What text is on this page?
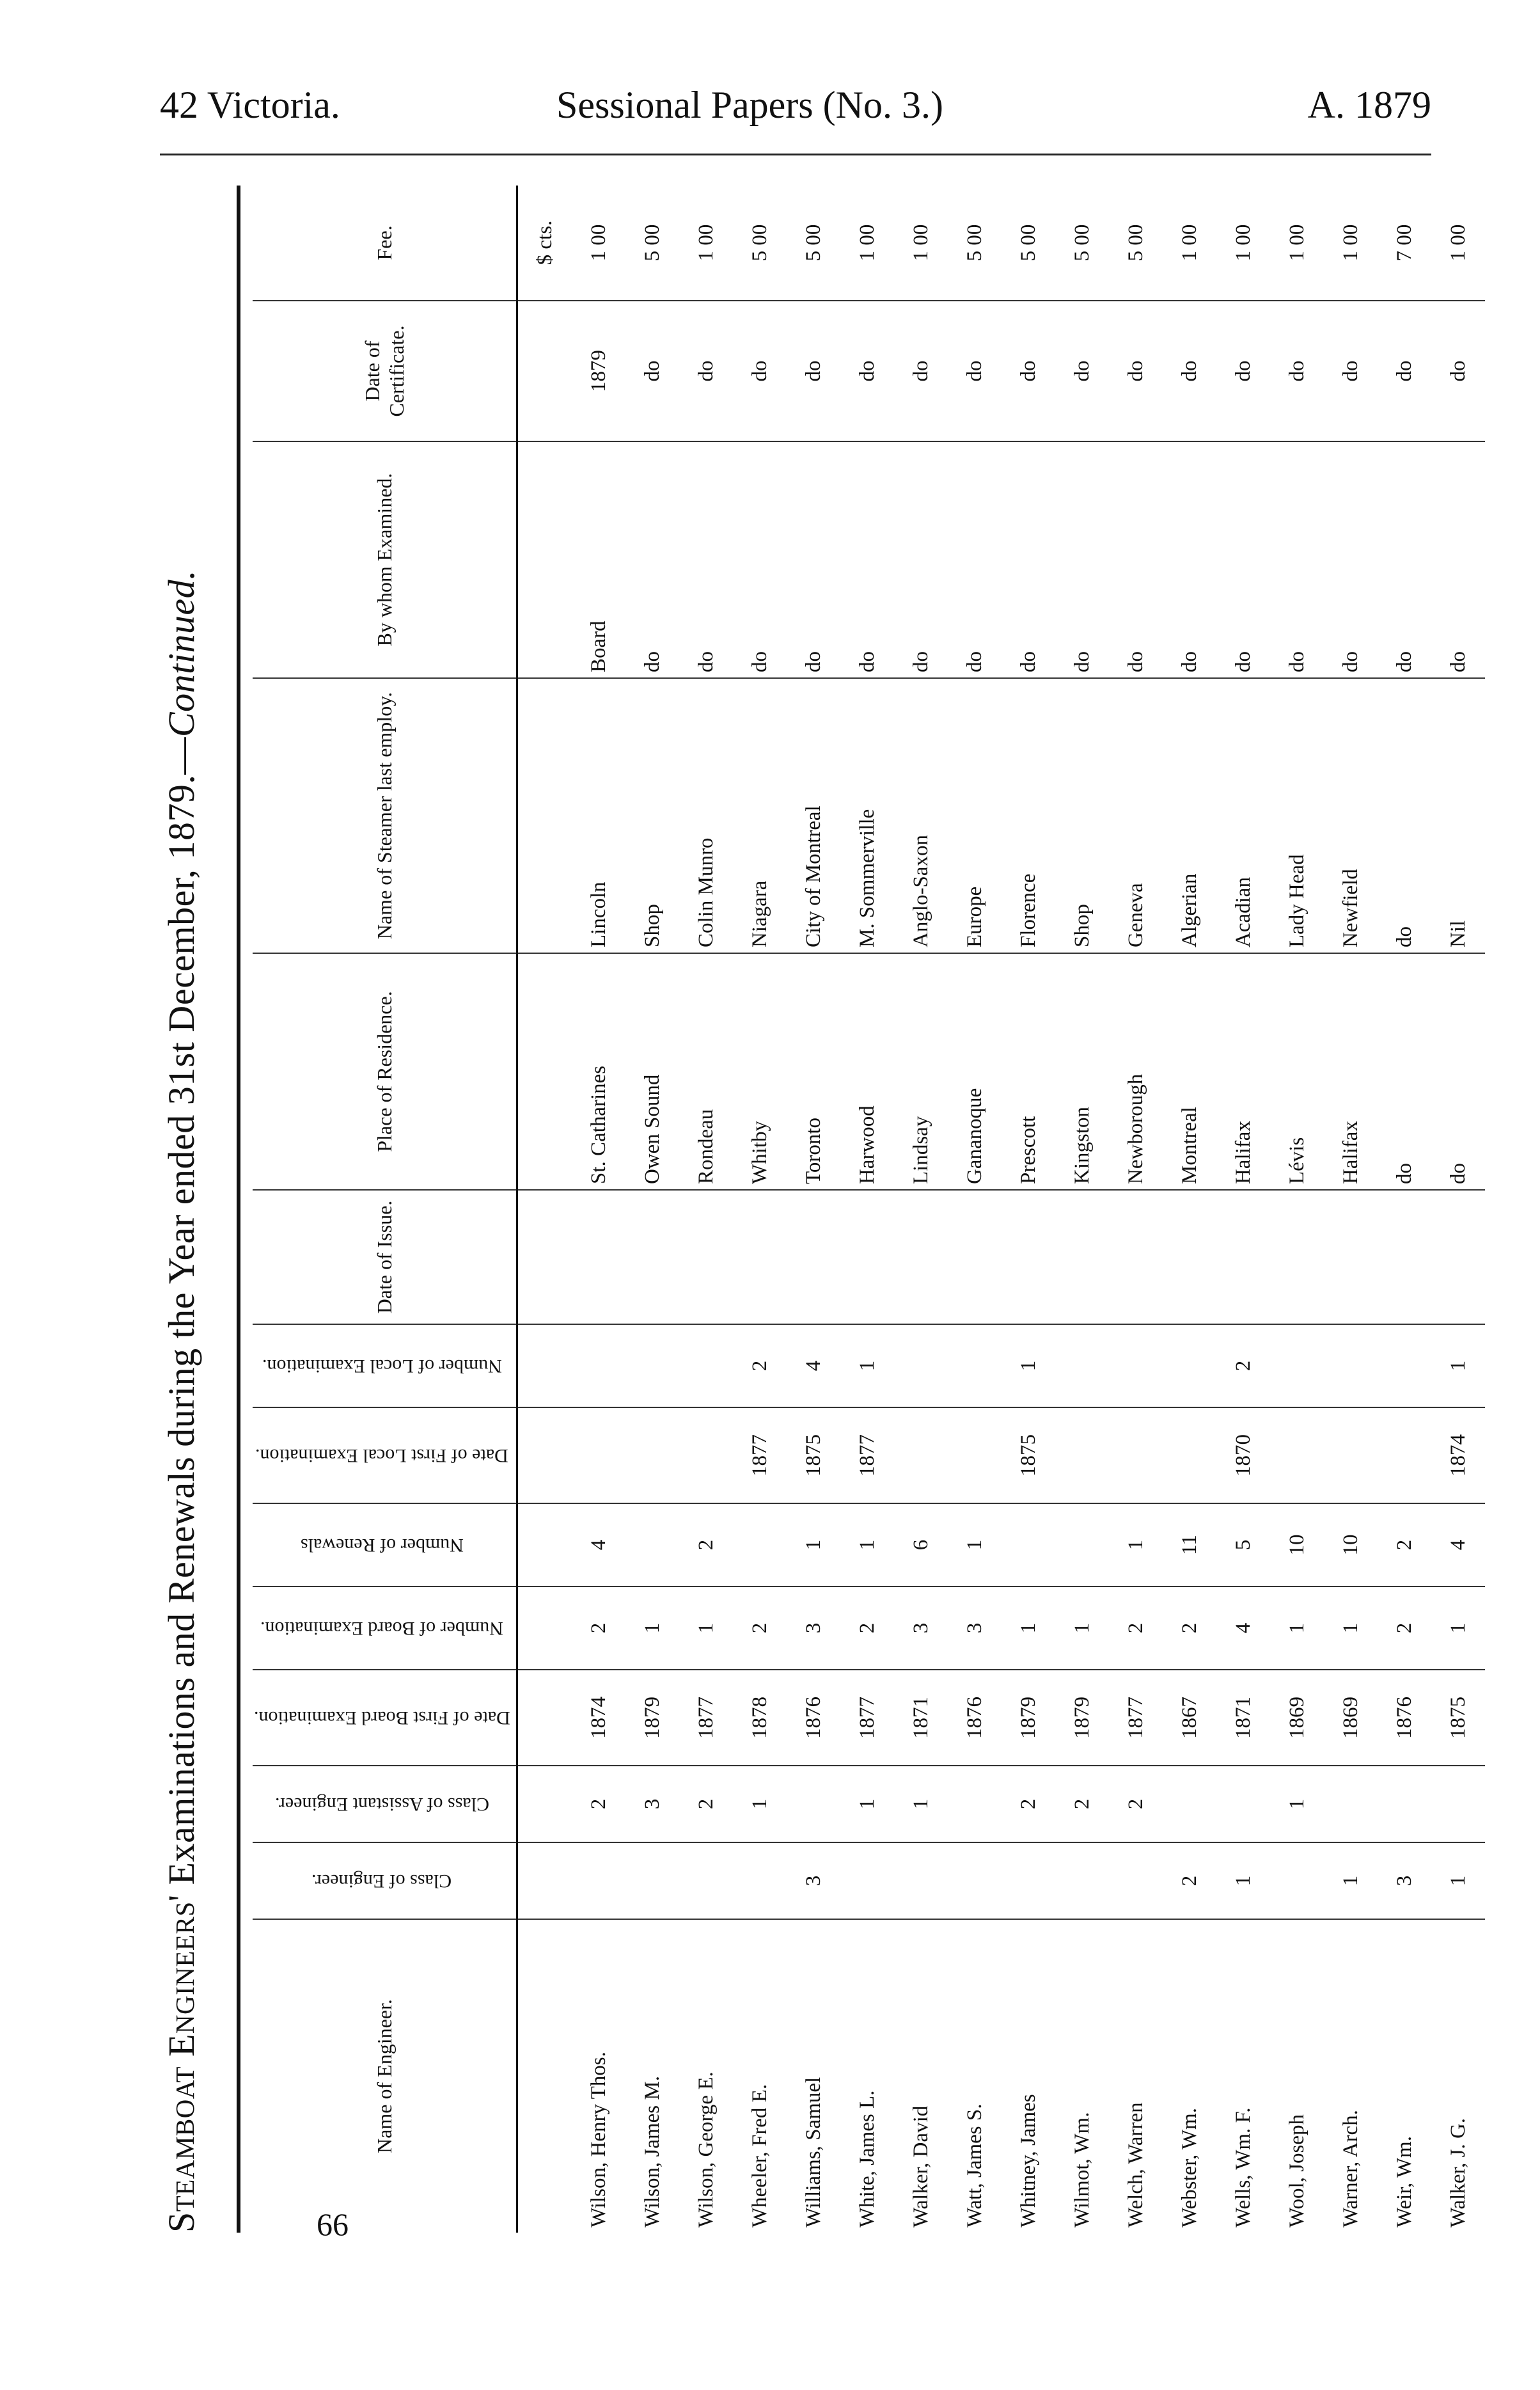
42 Victoria.	Sessional Papers (No. 3.)	A. 1879
Steamboat Engineers' Examinations and Renewals during the Year ended 31st December, 1879.—Continued.
Name of Engineer.	Class of Engineer.	Class of Assistant Engineer.	Date of First Board Examination.	Number of Board Examination.	Number of Renewals	Date of First Local Examination.	Number of Local Examination.	Date of Issue.	Place of Residence.	Name of Steamer last employ.	By whom Examined.	Date of Certificate.	Fee.
													$ cts.
Wilson, Henry Thos.		2	1874	2	4				St. Catharines	Lincoln	Board	1879	1 00
Wilson, James M.		3	1879	1					Owen Sound	Shop	do	do	5 00
Wilson, George E.		2	1877	1	2				Rondeau	Colin Munro	do	do	1 00
Wheeler, Fred E.		1	1878	2		1877	2		Whitby	Niagara	do	do	5 00
Williams, Samuel	3		1876	3	1	1875	4		Toronto	City of Montreal	do	do	5 00
White, James L.		1	1877	2	1	1877	1		Harwood	M. Sommerville	do	do	1 00
Walker, David		1	1871	3	6				Lindsay	Anglo-Saxon	do	do	1 00
Watt, James S.			1876	3	1				Gananoque	Europe	do	do	5 00
Whitney, James		2	1879	1		1875	1		Prescott	Florence	do	do	5 00
Wilmot, Wm.		2	1879	1					Kingston	Shop	do	do	5 00
Welch, Warren		2	1877	2	1				Newborough	Geneva	do	do	5 00
Webster, Wm.	2		1867	2	11				Montreal	Algerian	do	do	1 00
Wells, Wm. F.	1		1871	4	5	1870	2		Halifax	Acadian	do	do	1 00
Wool, Joseph		1	1869	1	10				Lévis	Lady Head	do	do	1 00
Warner, Arch.	1		1869	1	10				Halifax	Newfield	do	do	1 00
Weir, Wm.	3		1876	2	2				do	do	do	do	7 00
Walker, J. G.	1		1875	1	4	1874	1		do	Nil	do	do	1 00
66
